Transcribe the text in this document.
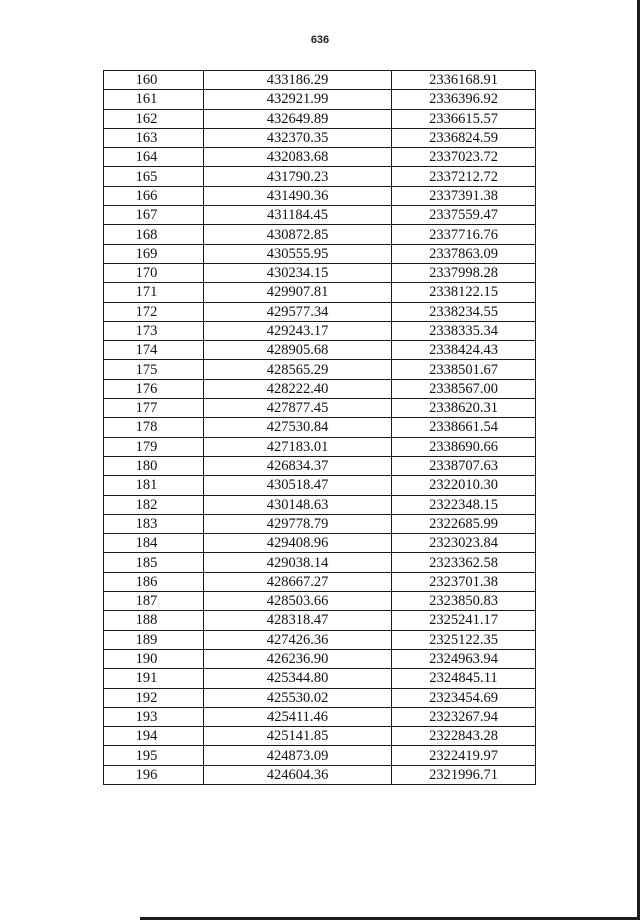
636
160	433186.29	2336168.91
161	432921.99	2336396.92
162	432649.89	2336615.57
163	432370.35	2336824.59
164	432083.68	2337023.72
165	431790.23	2337212.72
166	431490.36	2337391.38
167	431184.45	2337559.47
168	430872.85	2337716.76
169	430555.95	2337863.09
170	430234.15	2337998.28
171	429907.81	2338122.15
172	429577.34	2338234.55
173	429243.17	2338335.34
174	428905.68	2338424.43
175	428565.29	2338501.67
176	428222.40	2338567.00
177	427877.45	2338620.31
178	427530.84	2338661.54
179	427183.01	2338690.66
180	426834.37	2338707.63
181	430518.47	2322010.30
182	430148.63	2322348.15
183	429778.79	2322685.99
184	429408.96	2323023.84
185	429038.14	2323362.58
186	428667.27	2323701.38
187	428503.66	2323850.83
188	428318.47	2325241.17
189	427426.36	2325122.35
190	426236.90	2324963.94
191	425344.80	2324845.11
192	425530.02	2323454.69
193	425411.46	2323267.94
194	425141.85	2322843.28
195	424873.09	2322419.97
196	424604.36	2321996.71
